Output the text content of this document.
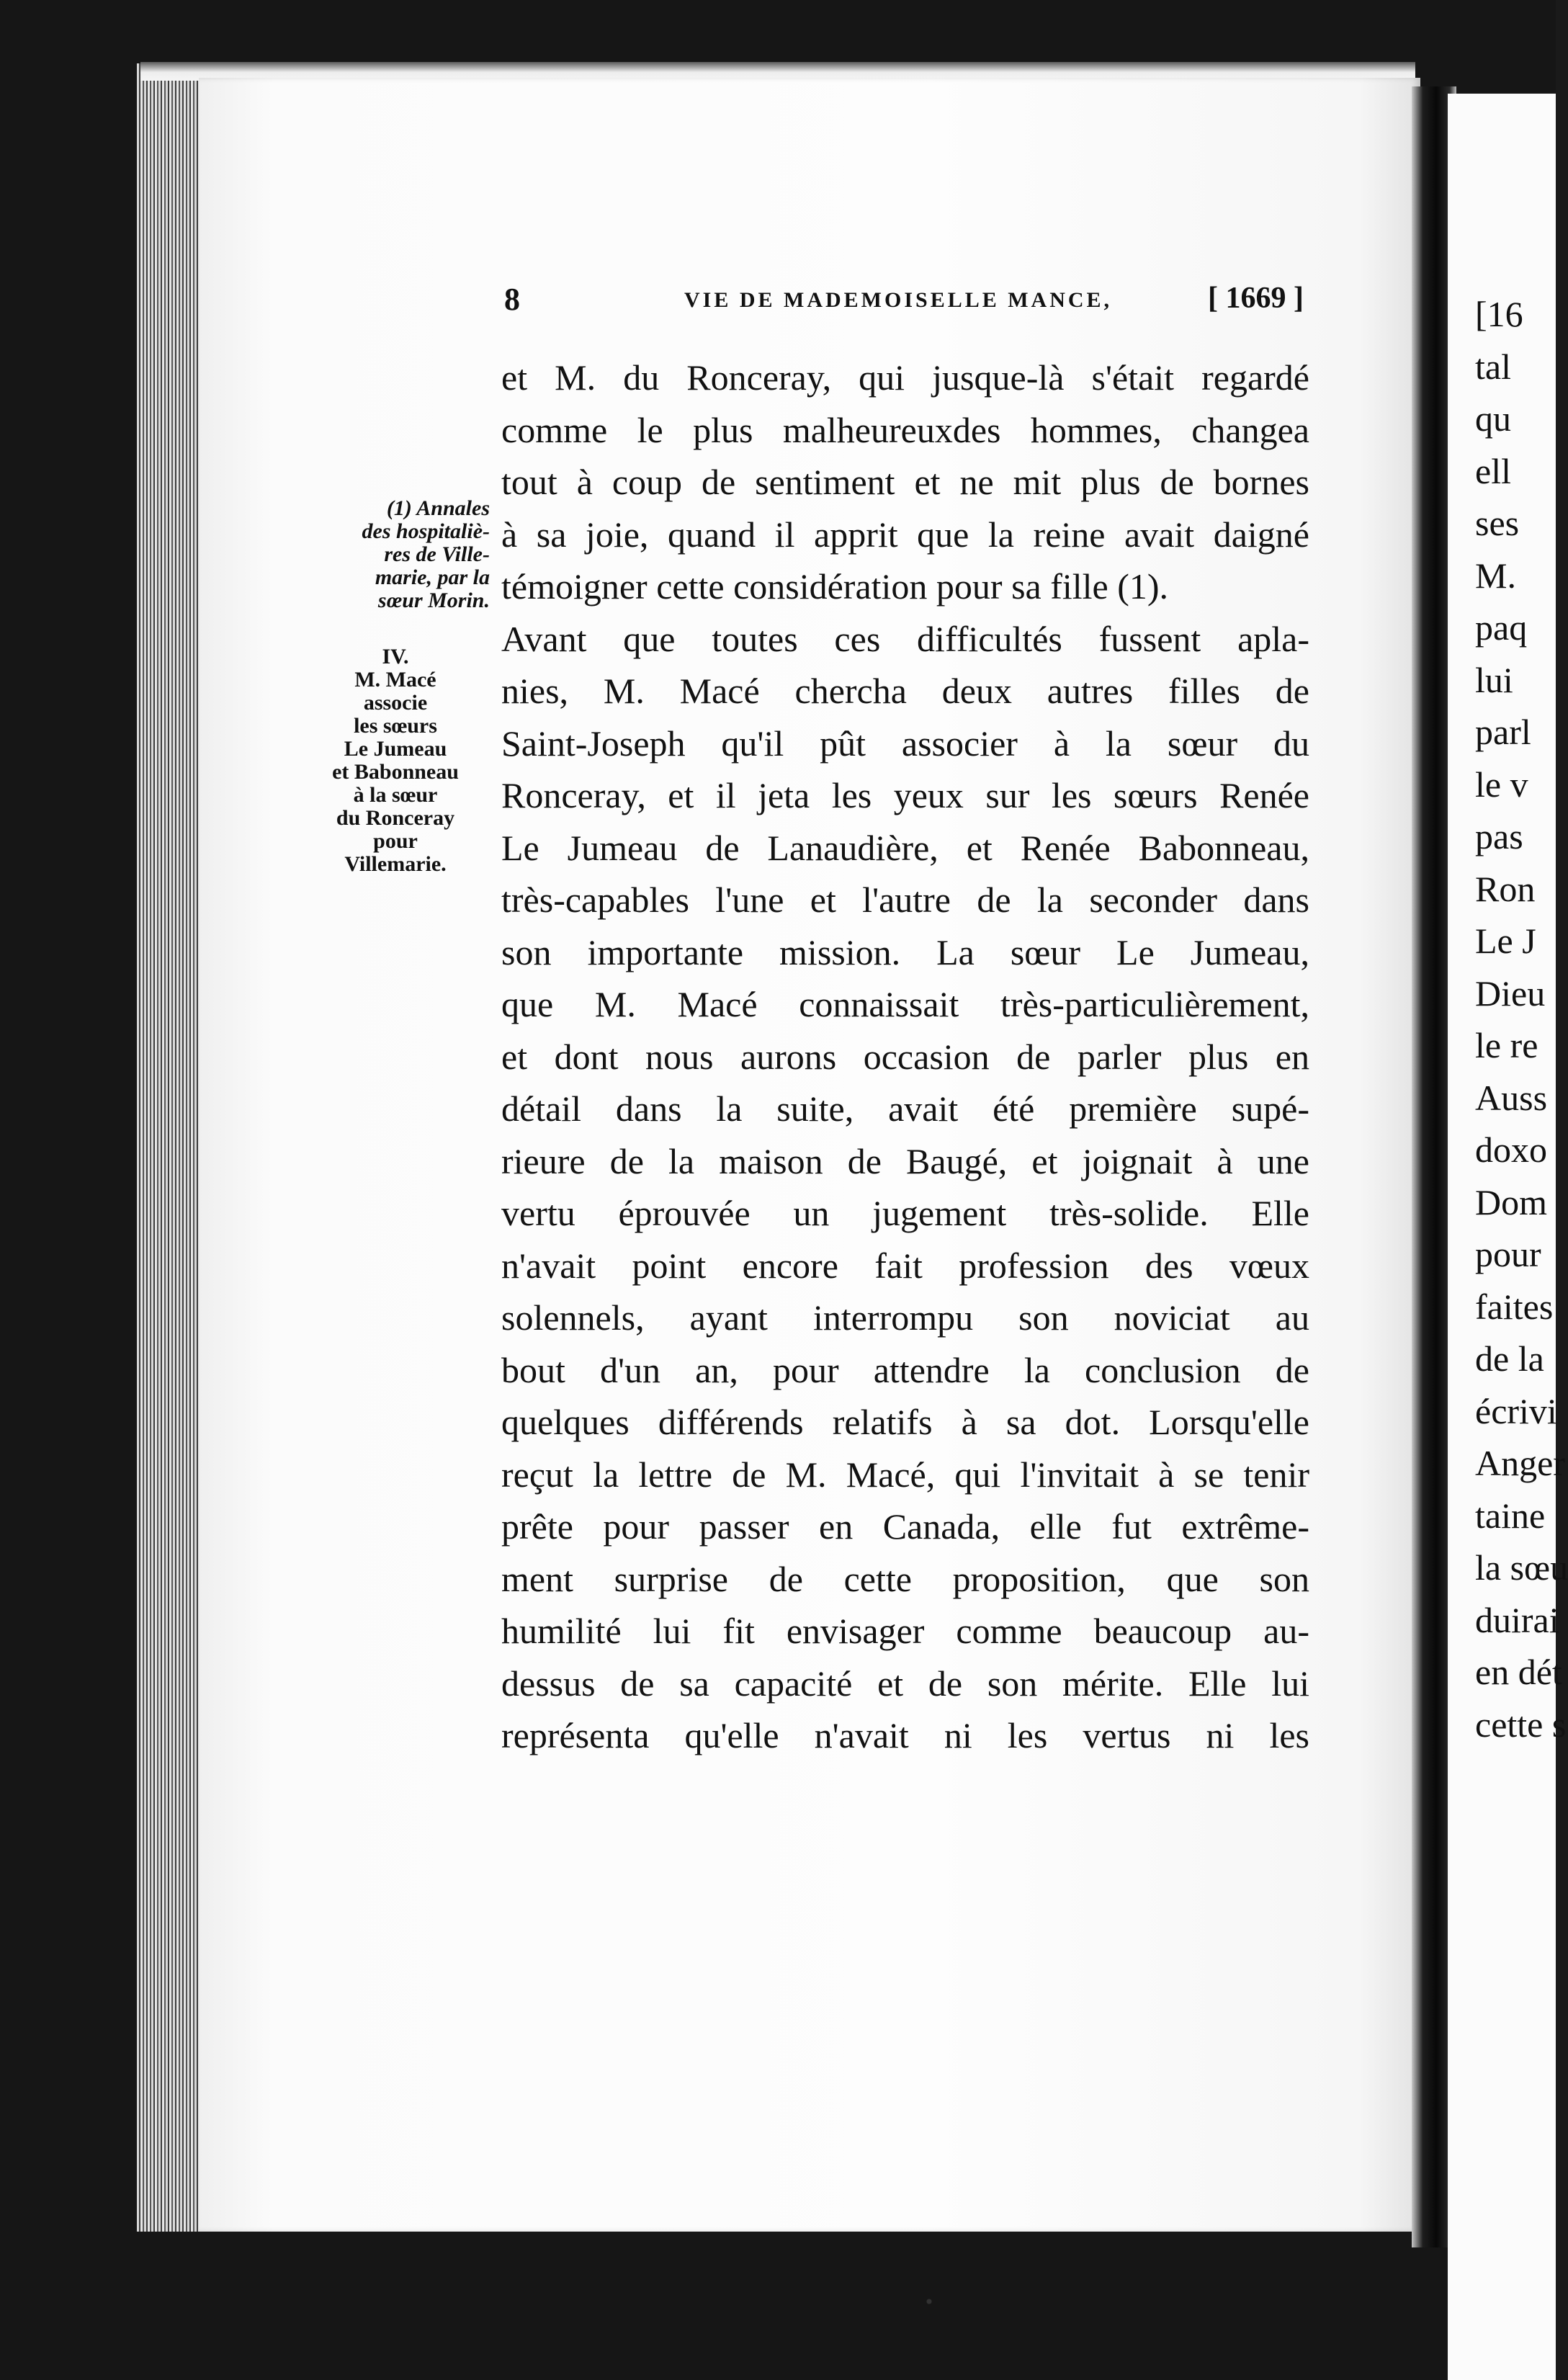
8	VIE DE MADEMOISELLE MANCE,	[ 1669 ]
et M. du Ronceray, qui jusque-là s'était regardé
comme le plus malheureuxdes hommes, changea
tout à coup de sentiment et ne mit plus de bornes
à sa joie, quand il apprit que la reine avait daigné
témoigner cette considération pour sa fille (1).
Avant que toutes ces difficultés fussent apla-
nies, M. Macé chercha deux autres filles de
Saint-Joseph qu'il pût associer à la sœur du
Ronceray, et il jeta les yeux sur les sœurs Renée
Le Jumeau de Lanaudière, et Renée Babonneau,
très-capables l'une et l'autre de la seconder dans
son importante mission. La sœur Le Jumeau,
que M. Macé connaissait très-particulièrement,
et dont nous aurons occasion de parler plus en
détail dans la suite, avait été première supé-
rieure de la maison de Baugé, et joignait à une
vertu éprouvée un jugement très-solide. Elle
n'avait point encore fait profession des vœux
solennels, ayant interrompu son noviciat au
bout d'un an, pour attendre la conclusion de
quelques différends relatifs à sa dot. Lorsqu'elle
reçut la lettre de M. Macé, qui l'invitait à se tenir
prête pour passer en Canada, elle fut extrême-
ment surprise de cette proposition, que son
humilité lui fit envisager comme beaucoup au-
dessus de sa capacité et de son mérite. Elle lui
représenta qu'elle n'avait ni les vertus ni les
(1) Annales
des hospitaliè-
res de Ville-
marie, par la
sœur Morin.
IV.
M. Macé
associe
les sœurs
Le Jumeau
et Babonneau
à la sœur
du Ronceray
pour
Villemarie.
[16
tal
qu
ell
ses
M.
paq
lui
parl
le v
pas
Ron
Le J
Dieu
le re
Auss
doxo
Dom
pour
faites
de la
écrivi
Anger
taine
la sœu
duirai
en dét
cette s
